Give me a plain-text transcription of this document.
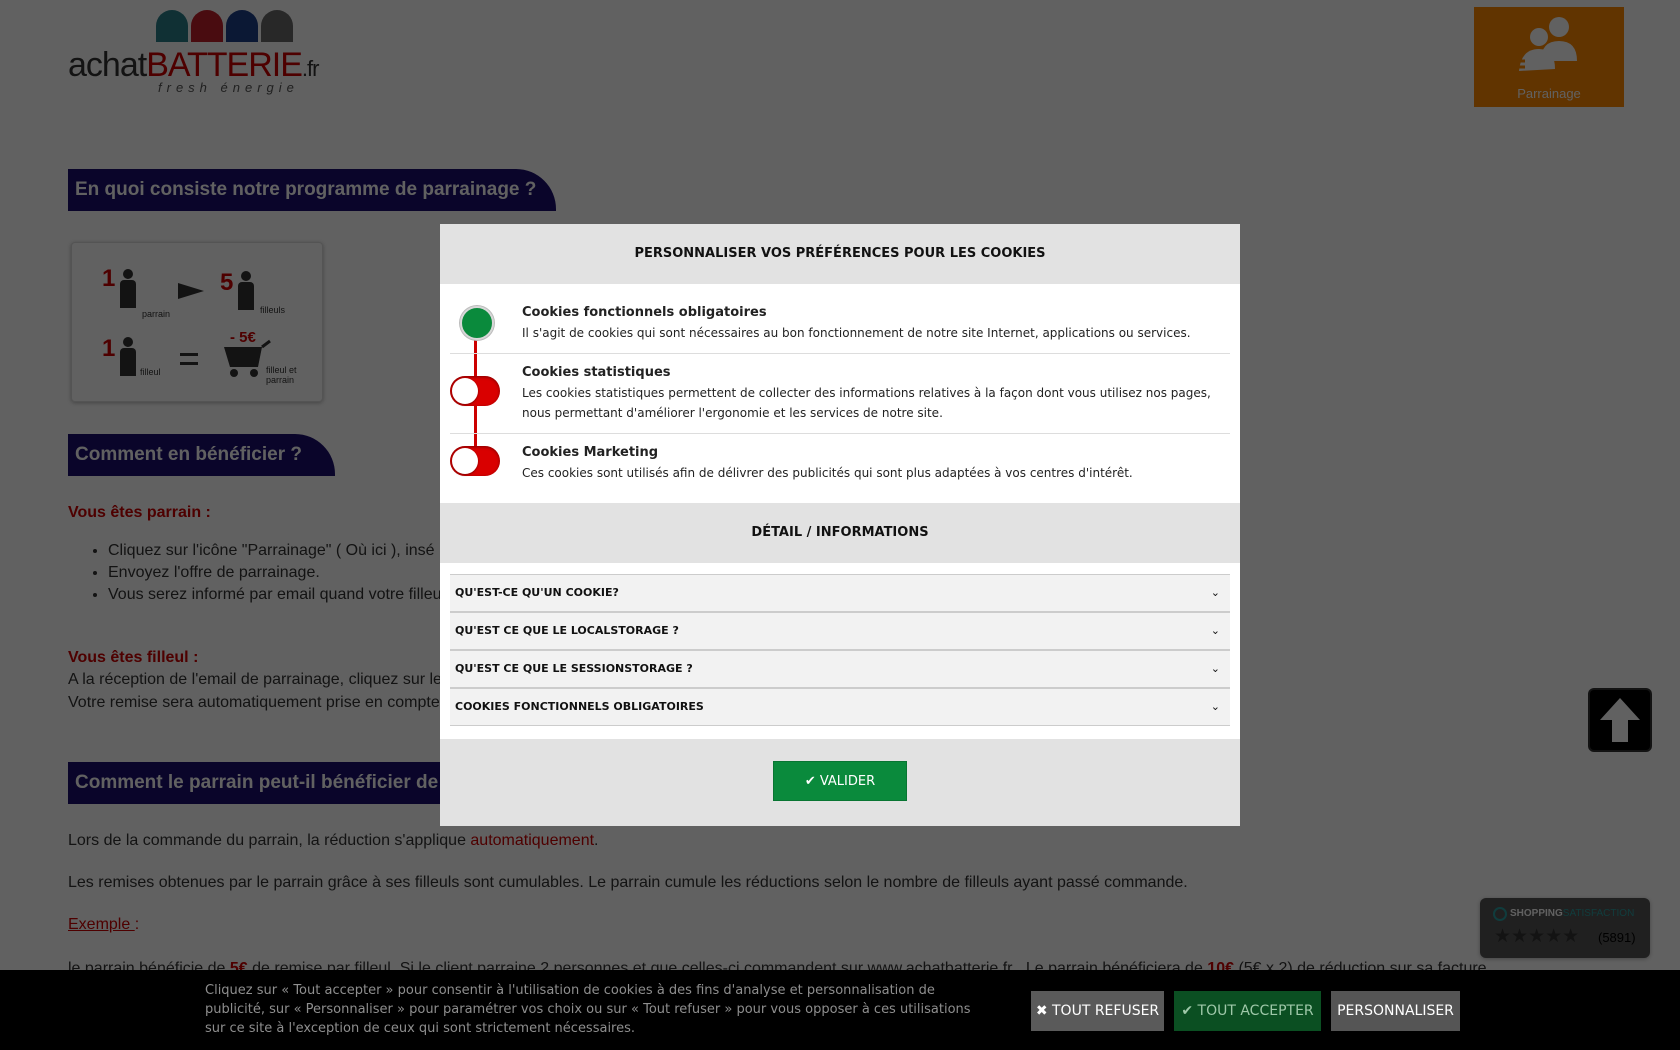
•
•
•
PERSONNALISER VOS PRÉFÉRENCES POUR LES COOKIES
Cookies fonctionnels obligatoires
Il s'agit de cookies qui sont nécessaires au bon fonctionnement de notre site Internet, applications ou services.
Cookies statistiques
Les cookies statistiques permettent de collecter des informations relatives à la façon dont vous utilisez nos pages, nous permettant d'améliorer l'ergonomie et les services de notre site.
Cookies Marketing
Ces cookies sont utilisés afin de délivrer des publicités qui sont plus adaptées à vos centres d'intérêt.
DÉTAIL / INFORMATIONS
QU'EST-CE QU'UN COOKIE?	⌄
QU'EST CE QUE LE LOCALSTORAGE ?	⌄
QU'EST CE QUE LE SESSIONSTORAGE ?	⌄
COOKIES FONCTIONNELS OBLIGATOIRES	⌄
✔ VALIDER
Cliquez sur « Tout accepter » pour consentir à l'utilisation de cookies à des fins d'analyse et personnalisation de publicité, sur « Personnaliser » pour paramétrer vos choix ou sur « Tout refuser » pour vous opposer à ces utilisations sur ce site à l'exception de ceux qui sont strictement nécessaires.
✖ TOUT REFUSER	✔ TOUT ACCEPTER	PERSONNALISER
